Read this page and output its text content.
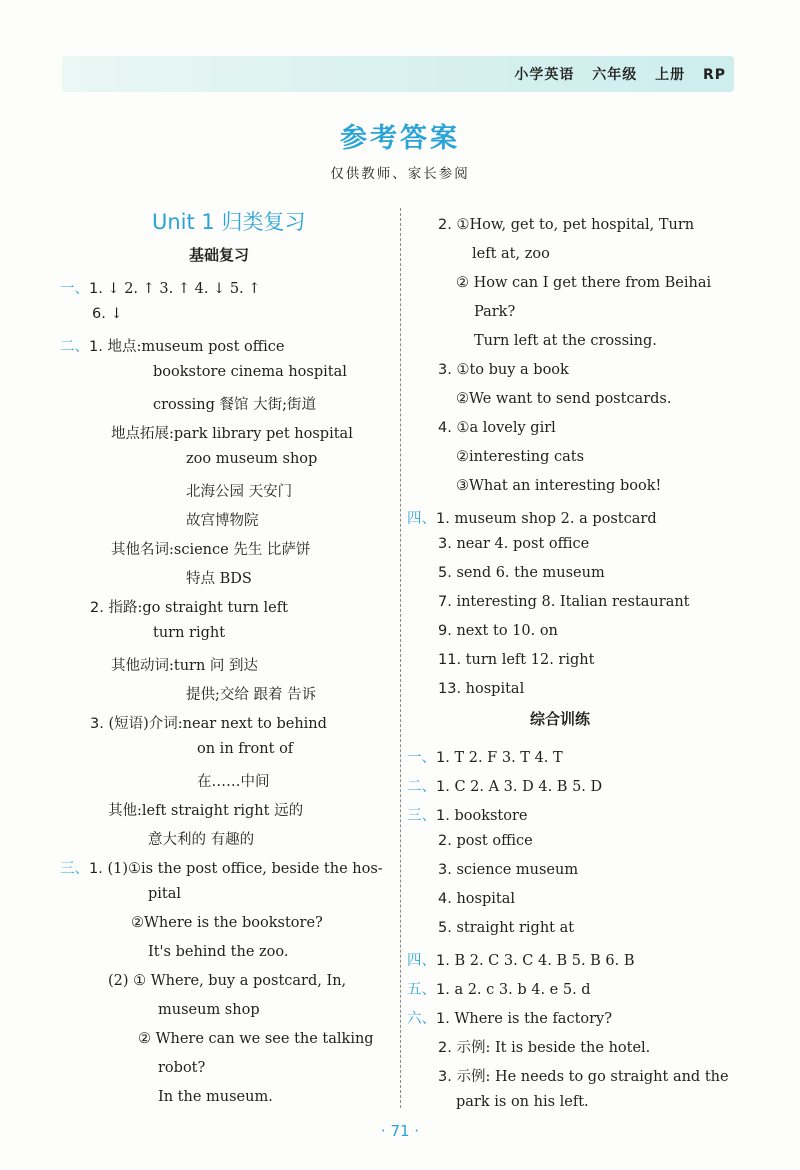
小学英语 六年级 上册 RP
参考答案
仅供教师、家长参阅
Unit 1 归类复习
基础复习
综合训练
一、1. ↓ 2. ↑ 3. ↑ 4. ↓ 5. ↑
6. ↓
二、1. 地点:museum post office
bookstore cinema hospital
crossing 餐馆 大街;街道
地点拓展:park library pet hospital
zoo museum shop
北海公园 天安门
故宫博物院
其他名词:science 先生 比萨饼
特点 BDS
2. 指路:go straight turn left
turn right
其他动词:turn 问 到达
提供;交给 跟着 告诉
3. (短语)介词:near next to behind
on in front of
在……中间
其他:left straight right 远的
意大利的 有趣的
三、1. (1)①is the post office, beside the hos-
pital
②Where is the bookstore?
It's behind the zoo.
(2) ① Where, buy a postcard, In,
museum shop
② Where can we see the talking
robot?
In the museum.
2. ①How, get to, pet hospital, Turn
left at, zoo
② How can I get there from Beihai
Park?
Turn left at the crossing.
3. ①to buy a book
②We want to send postcards.
4. ①a lovely girl
②interesting cats
③What an interesting book!
四、1. museum shop 2. a postcard
3. near 4. post office
5. send 6. the museum
7. interesting 8. Italian restaurant
9. next to 10. on
11. turn left 12. right
13. hospital
一、1. T 2. F 3. T 4. T
二、1. C 2. A 3. D 4. B 5. D
三、1. bookstore
2. post office
3. science museum
4. hospital
5. straight right at
四、1. B 2. C 3. C 4. B 5. B 6. B
五、1. a 2. c 3. b 4. e 5. d
六、1. Where is the factory?
2. 示例: It is beside the hotel.
3. 示例: He needs to go straight and the
park is on his left.
· 71 ·
